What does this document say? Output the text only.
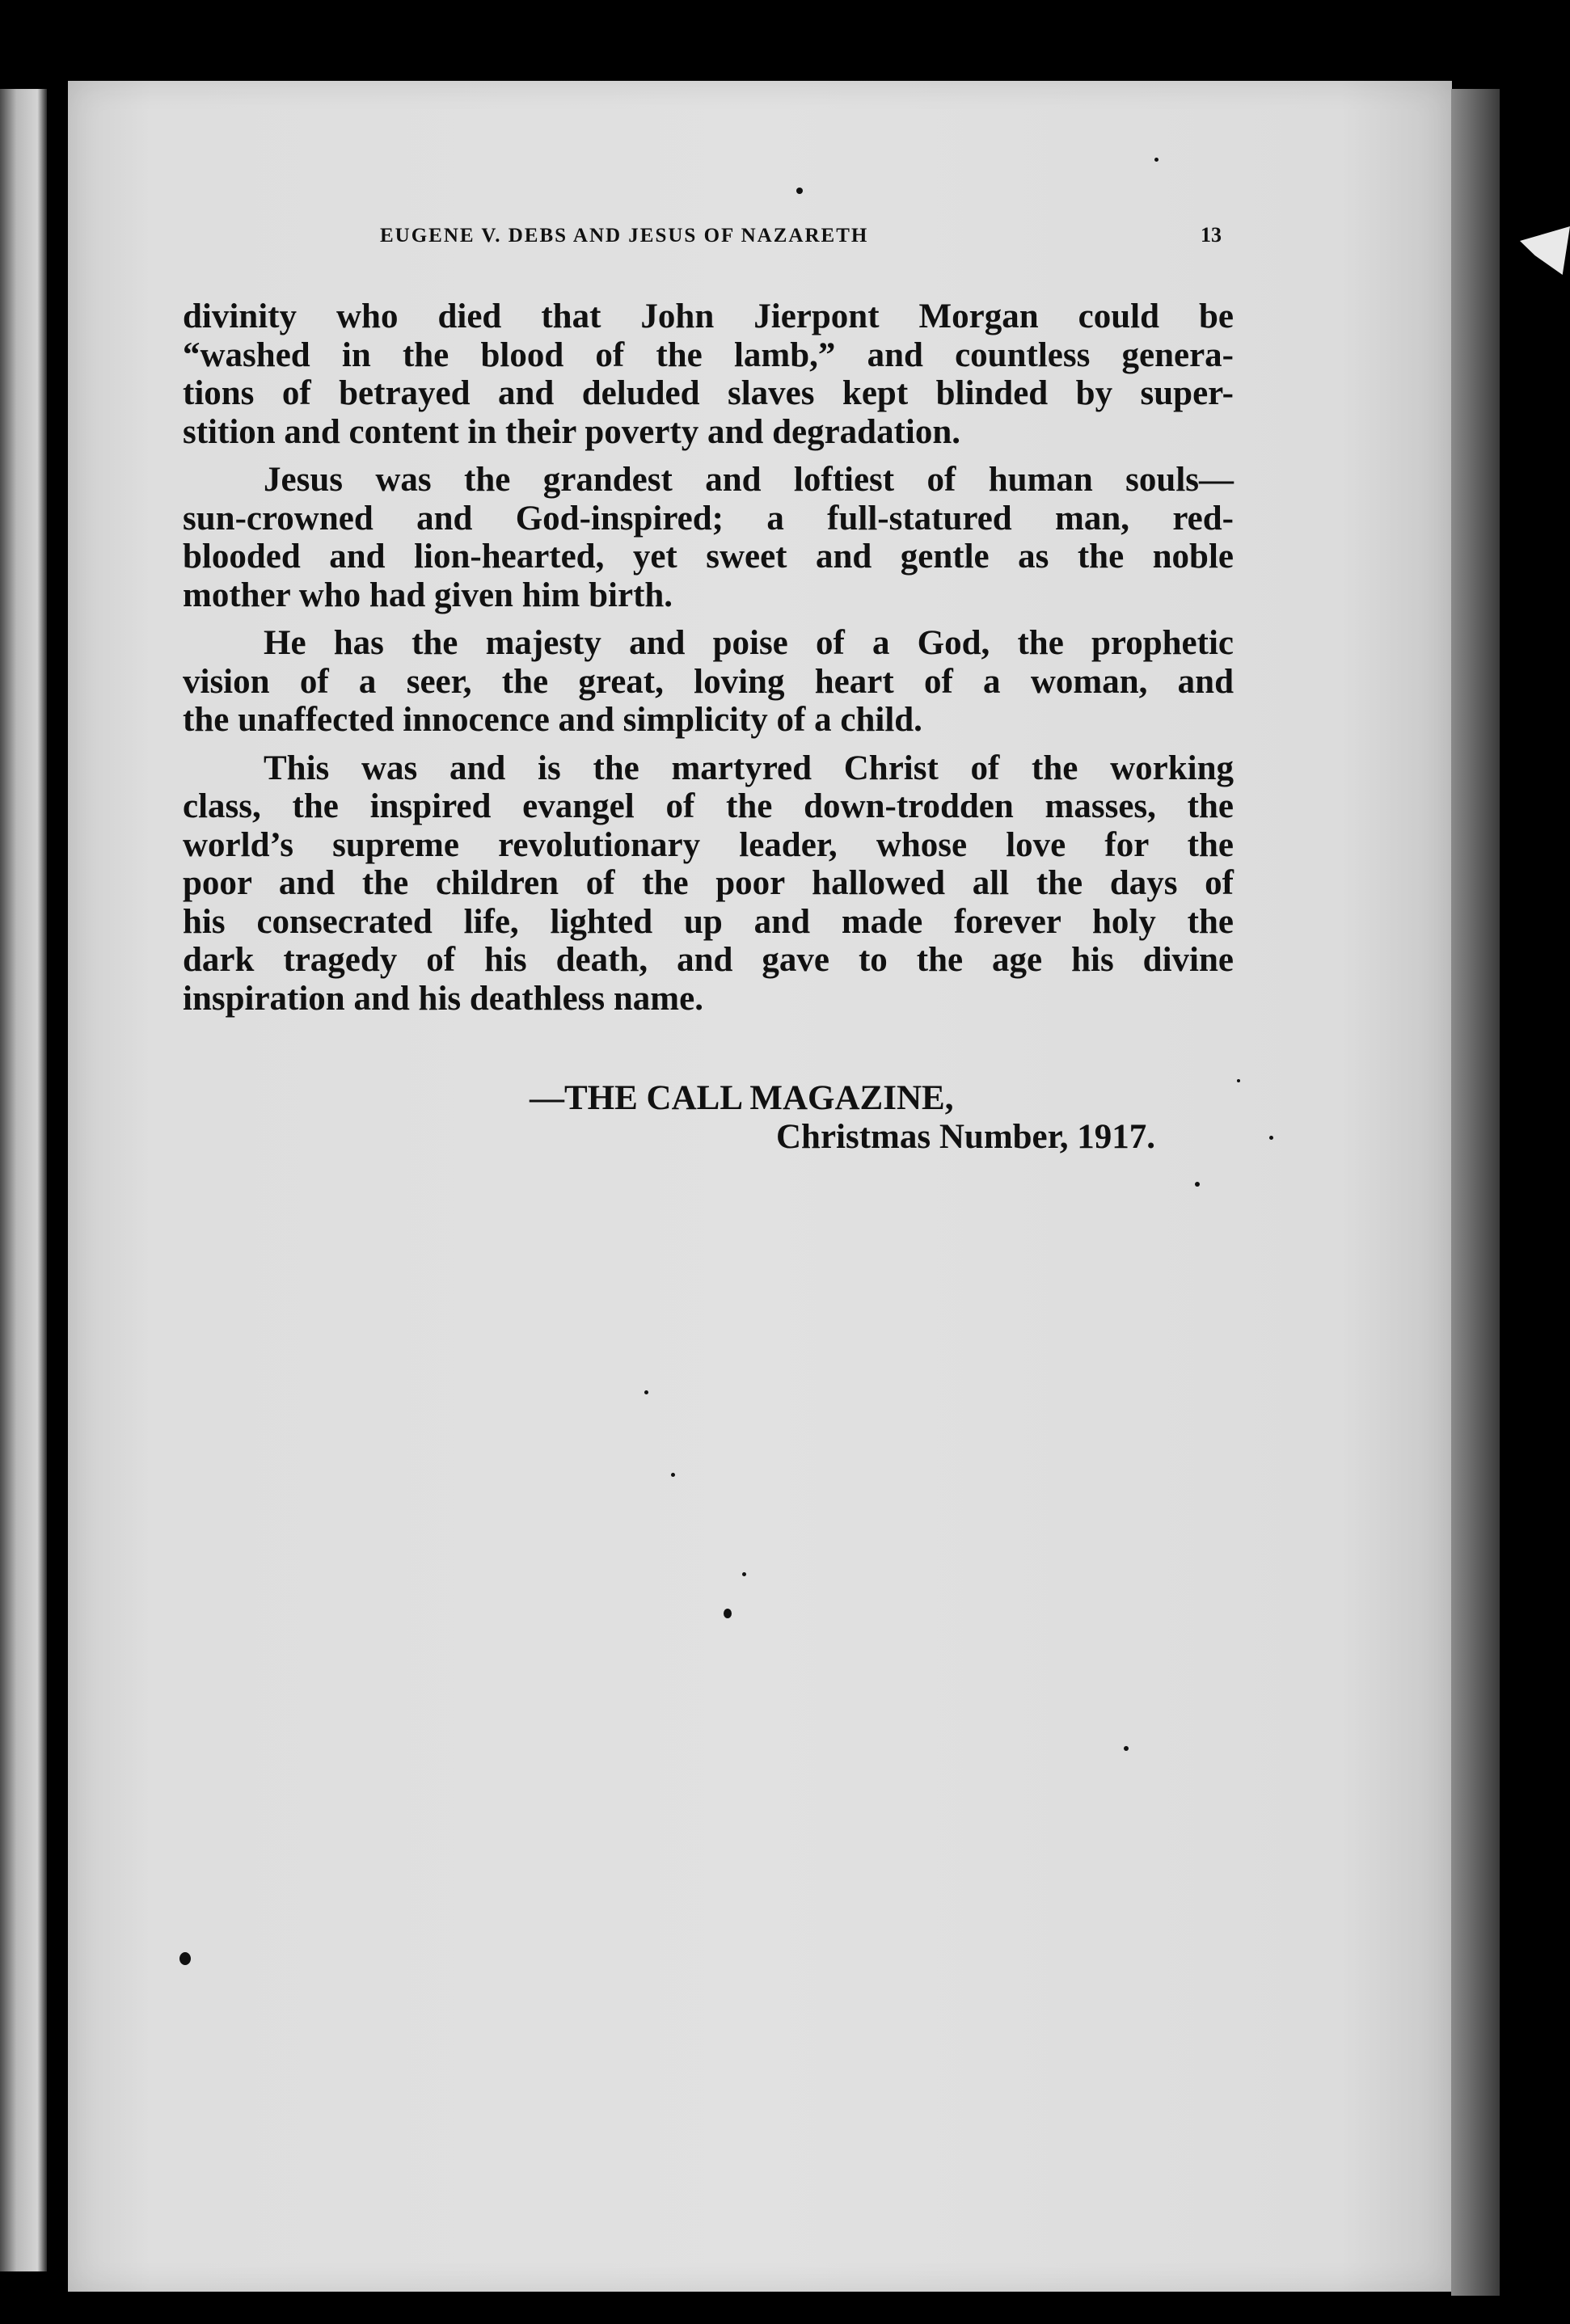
EUGENE V. DEBS AND JESUS OF NAZARETH	13

divinity who died that John Jierpont Morgan could be
“washed in the blood of the lamb,” and countless genera-
tions of betrayed and deluded slaves kept blinded by super-
stition and content in their poverty and degradation.

Jesus was the grandest and loftiest of human souls—
sun-crowned and God-inspired; a full-statured man, red-
blooded and lion-hearted, yet sweet and gentle as the noble
mother who had given him birth.

He has the majesty and poise of a God, the prophetic
vision of a seer, the great, loving heart of a woman, and
the unaffected innocence and simplicity of a child.

This was and is the martyred Christ of the working
class, the inspired evangel of the down-trodden masses, the
world’s supreme revolutionary leader, whose love for the
poor and the children of the poor hallowed all the days of
his consecrated life, lighted up and made forever holy the
dark tragedy of his death, and gave to the age his divine
inspiration and his deathless name.

—THE CALL MAGAZINE,
Christmas Number, 1917.
